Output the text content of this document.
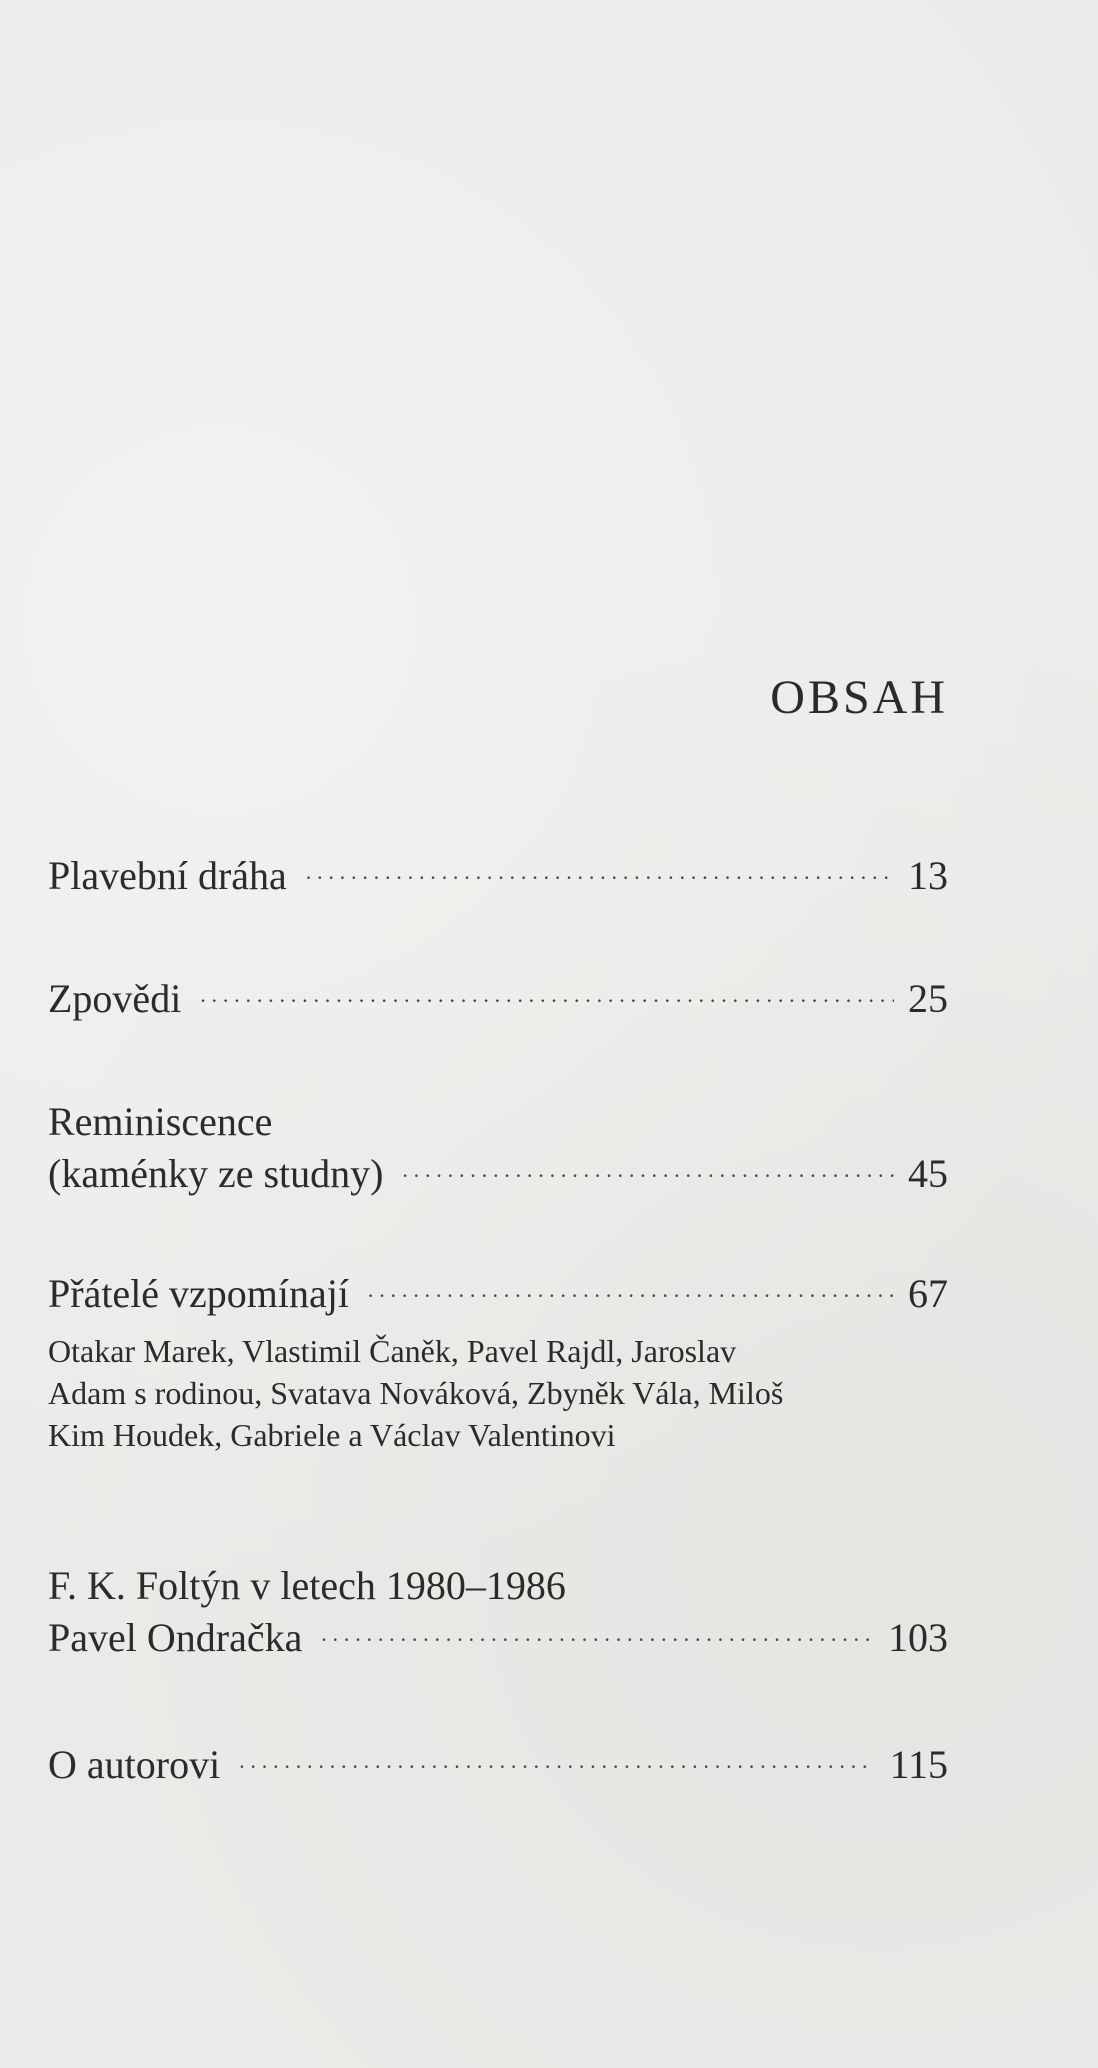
OBSAH
Plavební dráha ·····	13
Zpovědi ·····	25
Reminiscence
(kaménky ze studny) ·····	45
Přátelé vzpomínají ·····	67
Otakar Marek, Vlastimil Čaněk, Pavel Rajdl, Jaroslav
Adam s rodinou, Svatava Nováková, Zbyněk Vála, Miloš
Kim Houdek, Gabriele a Václav Valentinovi
F. K. Foltýn v letech 1980–1986
Pavel Ondračka ·····	103
O autorovi ·····	115
